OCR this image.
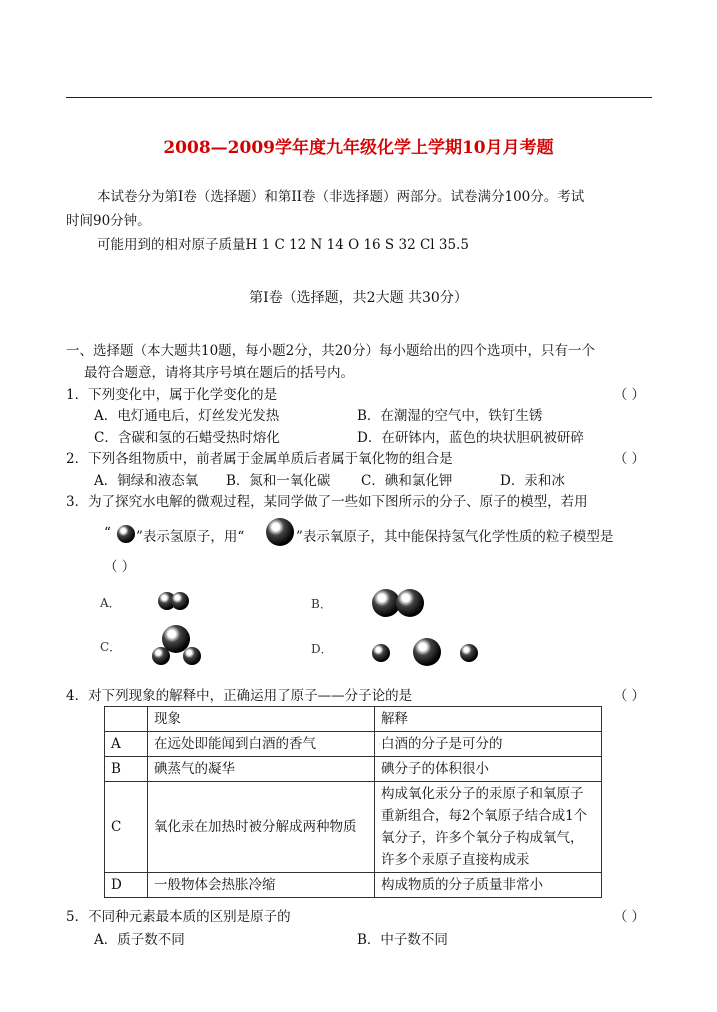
2008—2009学年度九年级化学上学期10月月考题
本试卷分为第Ⅰ卷（选择题）和第II卷（非选择题）两部分。试卷满分100分。考试
时间90分钟。
可能用到的相对原子质量H 1 C 12 N 14 O 16 S 32 Cl 35.5
第Ⅰ卷（选择题，共2大题 共30分）
一、选择题（本大题共10题，每小题2分，共20分）每小题给出的四个选项中，只有一个
最符合题意，请将其序号填在题后的括号内。
1．下列变化中，属于化学变化的是	（ ）
A．电灯通电后，灯丝发光发热	B．在潮湿的空气中，铁钉生锈
C．含碳和氢的石蜡受热时熔化	D．在研钵内，蓝色的块状胆矾被研碎
2．下列各组物质中，前者属于金属单质后者属于氧化物的组合是	（ ）
A．铜绿和液态氧 B．氮和一氧化碳 C．碘和氯化钾	D．汞和冰
3．为了探究水电解的微观过程，某同学做了一些如下图所示的分子、原子的模型，若用
“ ”表示氢原子，用“	”表示氧原子，其中能保持氢气化学性质的粒子模型是
（ ）
A．	B．
C．	D．
4．对下列现象的解释中，正确运用了原子——分子论的是	（ ）
	现象	解释
A	在远处即能闻到白酒的香气	白酒的分子是可分的
B	碘蒸气的凝华	碘分子的体积很小
C	氧化汞在加热时被分解成两种物质	构成氧化汞分子的汞原子和氧原子重新组合，每2个氧原子结合成1个氧分子，许多个氧分子构成氧气，许多个汞原子直接构成汞
D	一般物体会热胀冷缩	构成物质的分子质量非常小
5．不同种元素最本质的区别是原子的	（ ）
A．质子数不同	B．中子数不同
